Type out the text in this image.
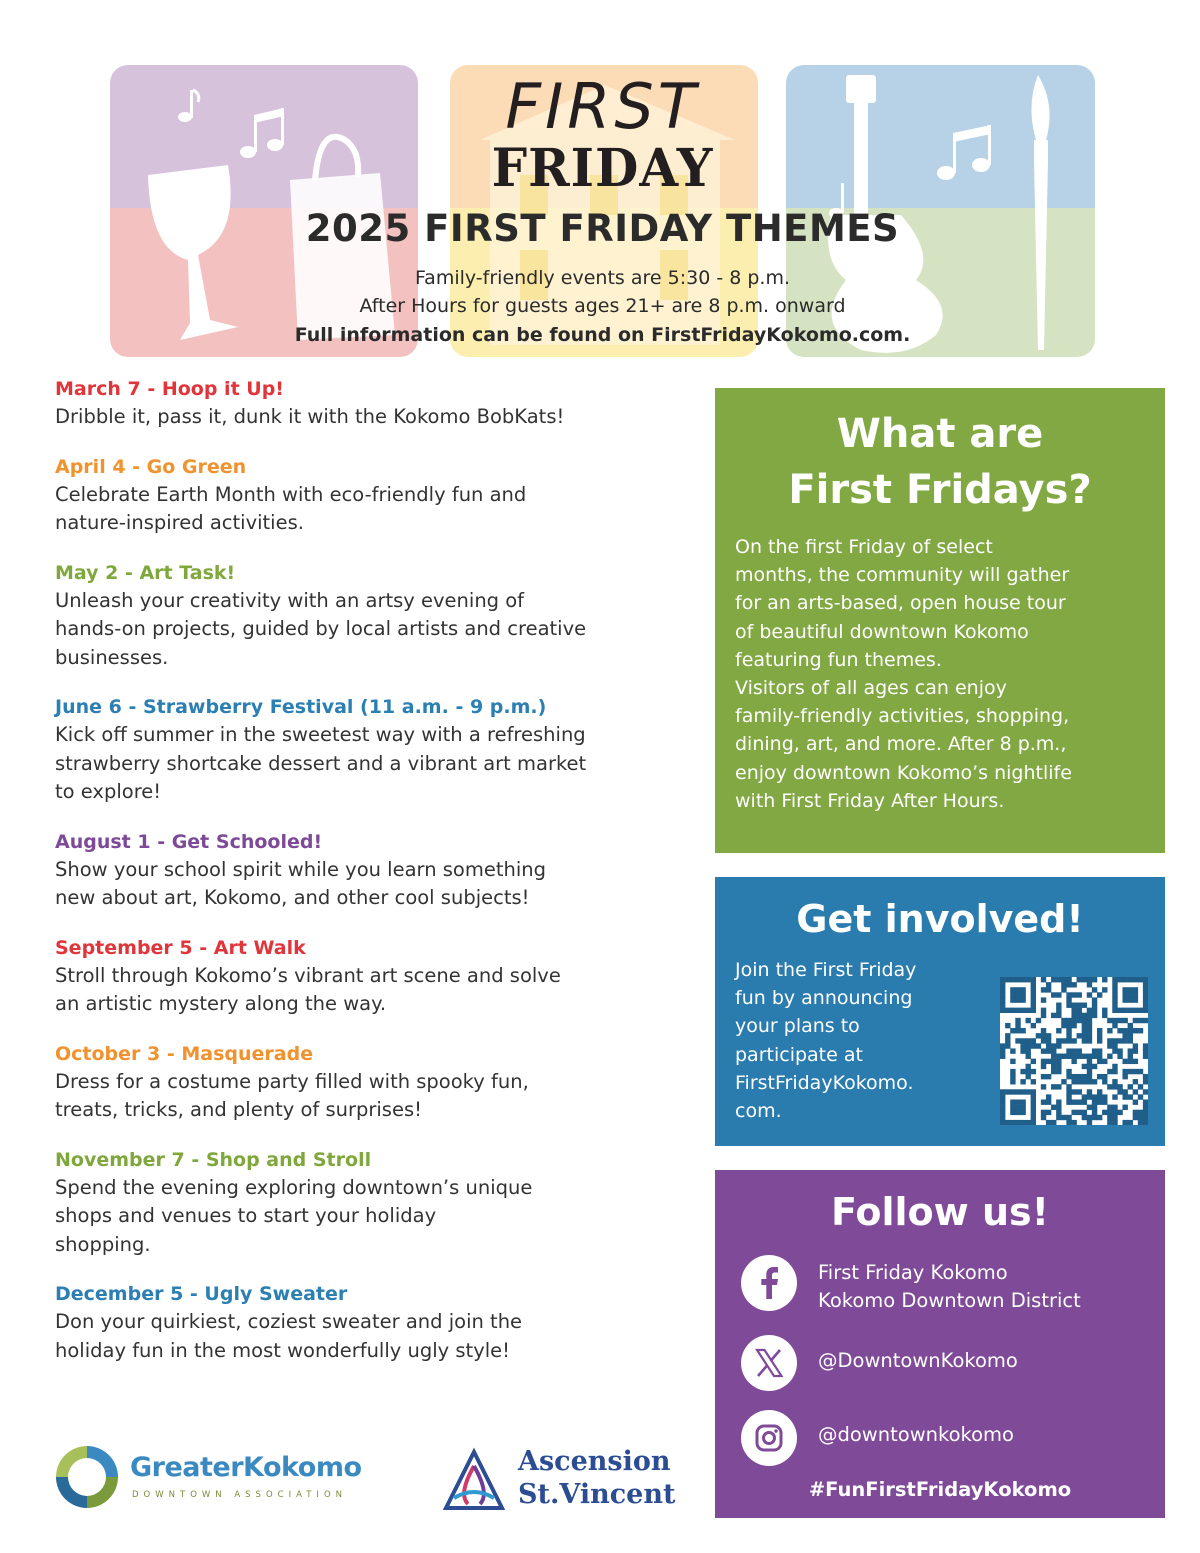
FIRST
FRIDAY
2025 FIRST FRIDAY THEMES
Family-friendly events are 5:30 - 8 p.m.
After Hours for guests ages 21+ are 8 p.m. onward
Full information can be found on FirstFridayKokomo.com.
March 7 - Hoop it Up!
Dribble it, pass it, dunk it with the Kokomo BobKats!
April 4 - Go Green
Celebrate Earth Month with eco-friendly fun and
nature-inspired activities.
May 2 - Art Task!
Unleash your creativity with an artsy evening of
hands-on projects, guided by local artists and creative
businesses.
June 6 - Strawberry Festival (11 a.m. - 9 p.m.)
Kick off summer in the sweetest way with a refreshing
strawberry shortcake dessert and a vibrant art market
to explore!
August 1 - Get Schooled!
Show your school spirit while you learn something
new about art, Kokomo, and other cool subjects!
September 5 - Art Walk
Stroll through Kokomo’s vibrant art scene and solve
an artistic mystery along the way.
October 3 - Masquerade
Dress for a costume party filled with spooky fun,
treats, tricks, and plenty of surprises!
November 7 - Shop and Stroll
Spend the evening exploring downtown’s unique
shops and venues to start your holiday
shopping.
December 5 - Ugly Sweater
Don your quirkiest, coziest sweater and join the
holiday fun in the most wonderfully ugly style!
What are
First Fridays?
On the first Friday of select
months, the community will gather
for an arts-based, open house tour
of beautiful downtown Kokomo
featuring fun themes.
Visitors of all ages can enjoy
family-friendly activities, shopping,
dining, art, and more. After 8 p.m.,
enjoy downtown Kokomo’s nightlife
with First Friday After Hours.
Get involved!
Join the First Friday
fun by announcing
your plans to
participate at
FirstFridayKokomo.
com.
Follow us!
First Friday Kokomo
Kokomo Downtown District
@DowntownKokomo
@downtownkokomo
#FunFirstFridayKokomo
GreaterKokomo
DOWNTOWN ASSOCIATION
Ascension
St.Vincent
